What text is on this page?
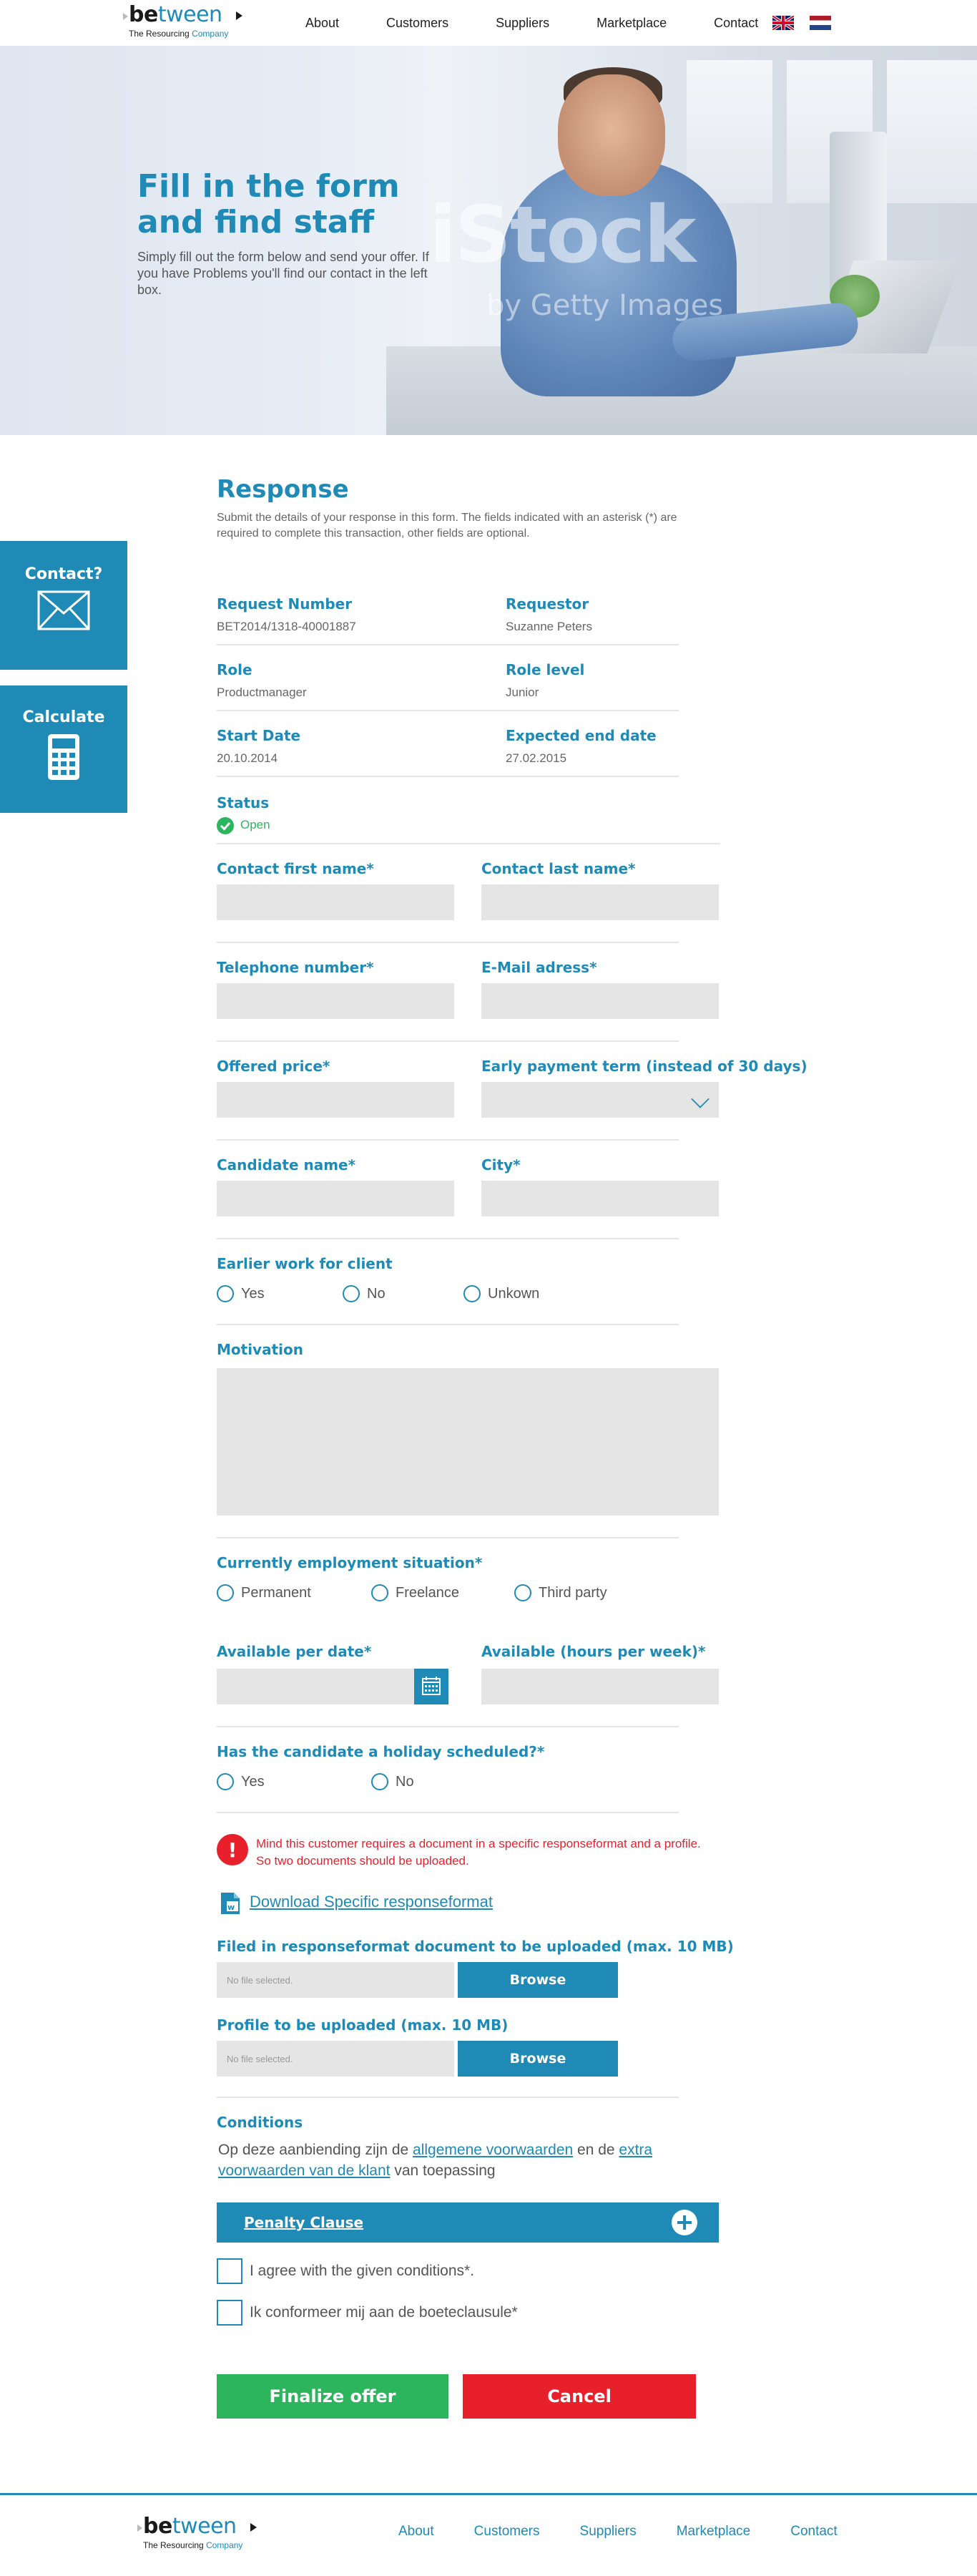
between
The Resourcing Company
About	Customers	Suppliers	Marketplace	Contact
iStock
by Getty Images
Fill in the form and find staff

Simply fill out the form below and send your offer. If you have Problems you'll find our contact in the left box.

Contact?
Calculate
Response
Submit the details of your response in this form. The fields indicated with an asterisk (*) are required to complete this transaction, other fields are optional.
Request Number
BET2014/1318-40001887
Requestor
Suzanne Peters
Role
Productmanager
Role level
Junior
Start Date
20.10.2014
Expected end date
27.02.2015
Status
Open
Contact first name*	Contact last name*
Telephone number*	E-Mail adress*
Offered price*	Early payment term (instead of 30 days)
Candidate name*	City*
Earlier work for client
Yes	No	Unkown
Motivation
Currently employment situation*
Permanent	Freelance	Third party
Available per date*	Available (hours per week)*
Has the candidate a holiday scheduled?*
Yes	No
!	Mind this customer requires a document in a specific responseformat and a profile. So two documents should be uploaded.
w Download Specific responseformat
Filed in responseformat document to be uploaded (max. 10 MB)
No file selected.	Browse
Profile to be uploaded (max. 10 MB)
No file selected.	Browse
Conditions
Op deze aanbiending zijn de allgemene voorwaarden en de extra voorwaarden van de klant van toepassing
Penalty Clause
I agree with the given conditions*.
Ik conformeer mij aan de boeteclausule*
Finalize offer	Cancel
between
The Resourcing Company
About	Customers	Suppliers	Marketplace	Contact
